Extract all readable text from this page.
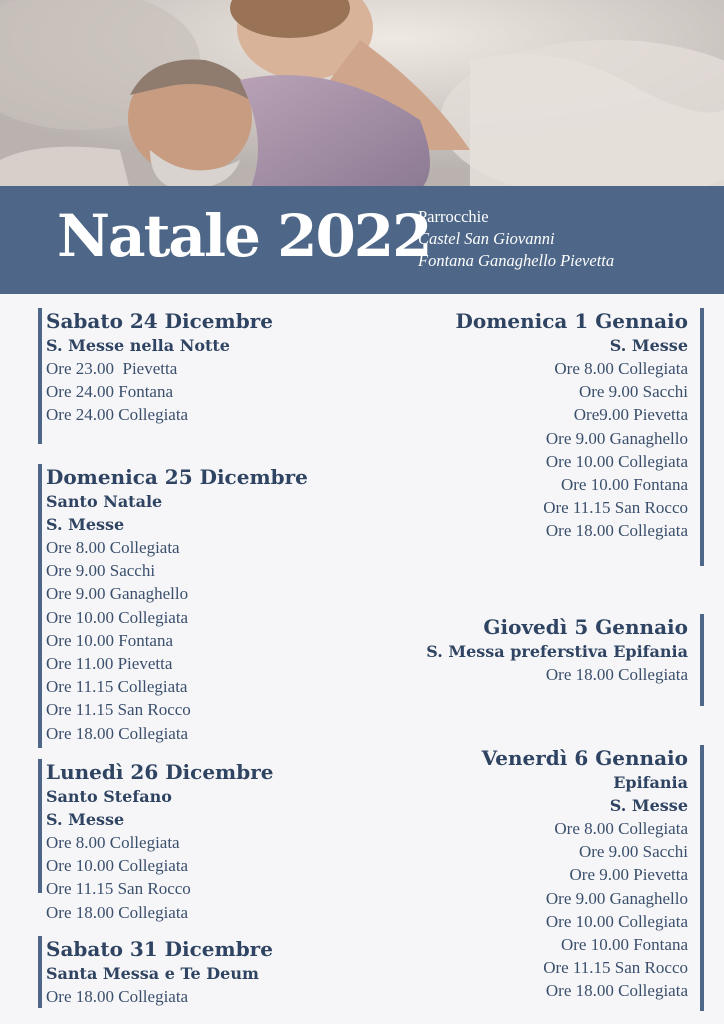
Natale 2022
Parrocchie
Castel San Giovanni
Fontana Ganaghello Pievetta
Sabato 24 Dicembre
S. Messe nella Notte
Ore 23.00  Pievetta
Ore 24.00 Fontana
Ore 24.00 Collegiata
Domenica 25 Dicembre
Santo Natale
S. Messe
Ore 8.00 Collegiata
Ore 9.00 Sacchi
Ore 9.00 Ganaghello
Ore 10.00 Collegiata
Ore 10.00 Fontana
Ore 11.00 Pievetta
Ore 11.15 Collegiata
Ore 11.15 San Rocco
Ore 18.00 Collegiata
Lunedì 26 Dicembre
Santo Stefano
S. Messe
Ore 8.00 Collegiata
Ore 10.00 Collegiata
Ore 11.15 San Rocco
Ore 18.00 Collegiata
Sabato 31 Dicembre
Santa Messa e Te Deum
Ore 18.00 Collegiata
Domenica 1 Gennaio
S. Messe
Ore 8.00 Collegiata
Ore 9.00 Sacchi
Ore9.00 Pievetta
Ore 9.00 Ganaghello
Ore 10.00 Collegiata
Ore 10.00 Fontana
Ore 11.15 San Rocco
Ore 18.00 Collegiata
Giovedì 5 Gennaio
S. Messa preferstiva Epifania
Ore 18.00 Collegiata
Venerdì 6 Gennaio
Epifania
S. Messe
Ore 8.00 Collegiata
Ore 9.00 Sacchi
Ore 9.00 Pievetta
Ore 9.00 Ganaghello
Ore 10.00 Collegiata
Ore 10.00 Fontana
Ore 11.15 San Rocco
Ore 18.00 Collegiata
